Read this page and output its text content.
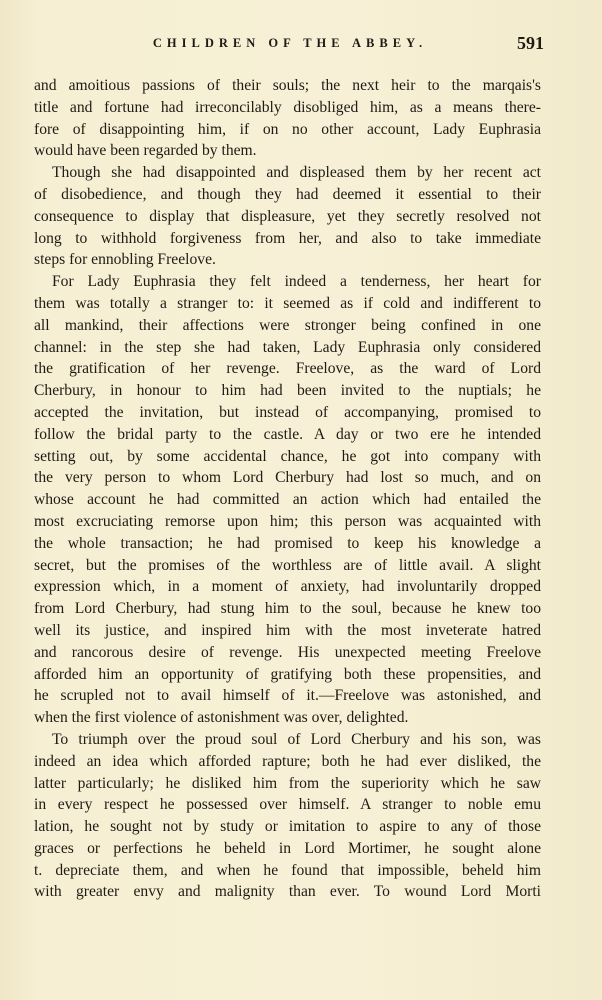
CHILDREN OF THE ABBEY.	591
and amoitious passions of their souls; the next heir to the marqais's
title and fortune had irreconcilably disobliged him, as a means there-
fore of disappointing him, if on no other account, Lady Euphrasia
would have been regarded by them.
Though she had disappointed and displeased them by her recent act
of disobedience, and though they had deemed it essential to their
consequence to display that displeasure, yet they secretly resolved not
long to withhold forgiveness from her, and also to take immediate
steps for ennobling Freelove.
For Lady Euphrasia they felt indeed a tenderness, her heart for
them was totally a stranger to: it seemed as if cold and indifferent to
all mankind, their affections were stronger being confined in one
channel: in the step she had taken, Lady Euphrasia only considered
the gratification of her revenge. Freelove, as the ward of Lord
Cherbury, in honour to him had been invited to the nuptials; he
accepted the invitation, but instead of accompanying, promised to
follow the bridal party to the castle. A day or two ere he intended
setting out, by some accidental chance, he got into company with
the very person to whom Lord Cherbury had lost so much, and on
whose account he had committed an action which had entailed the
most excruciating remorse upon him; this person was acquainted with
the whole transaction; he had promised to keep his knowledge a
secret, but the promises of the worthless are of little avail. A slight
expression which, in a moment of anxiety, had involuntarily dropped
from Lord Cherbury, had stung him to the soul, because he knew too
well its justice, and inspired him with the most inveterate hatred
and rancorous desire of revenge. His unexpected meeting Freelove
afforded him an opportunity of gratifying both these propensities, and
he scrupled not to avail himself of it.—Freelove was astonished, and
when the first violence of astonishment was over, delighted.
To triumph over the proud soul of Lord Cherbury and his son, was
indeed an idea which afforded rapture; both he had ever disliked, the
latter particularly; he disliked him from the superiority which he saw
in every respect he possessed over himself. A stranger to noble emu
lation, he sought not by study or imitation to aspire to any of those
graces or perfections he beheld in Lord Mortimer, he sought alone
t. depreciate them, and when he found that impossible, beheld him
with greater envy and malignity than ever. To wound Lord Morti
